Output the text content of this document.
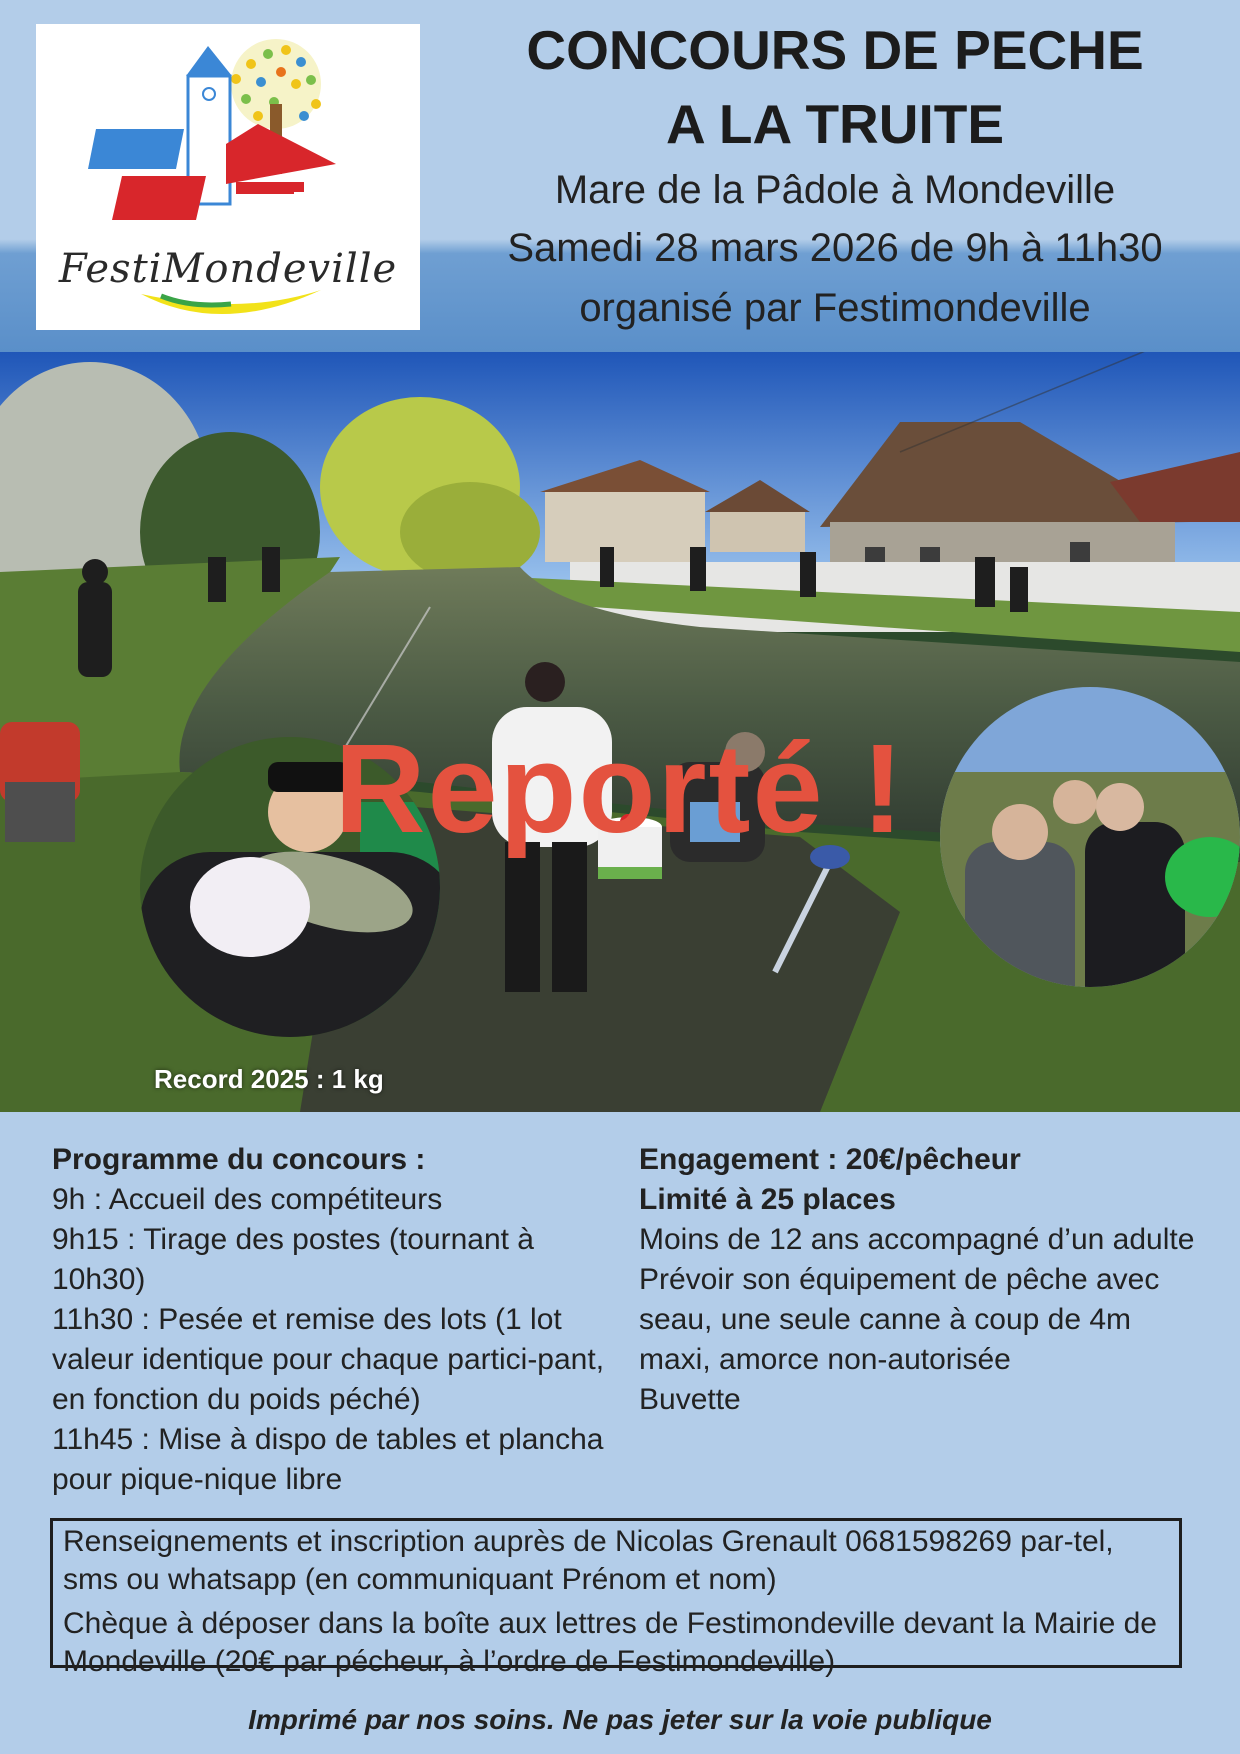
FestiMondeville
CONCOURS DE PECHE
A LA TRUITE
Mare de la Pâdole à Mondeville
Samedi 28 mars 2026 de 9h à 11h30
organisé par Festimondeville
Reporté !
Record 2025 : 1 kg
Programme du concours :
9h : Accueil des compétiteurs
9h15 : Tirage des postes (tournant à 10h30)
11h30 : Pesée et remise des lots (1 lot valeur identique pour chaque partici-pant, en fonction du poids péché)
11h45 : Mise à dispo de tables et plancha pour pique-nique libre
Engagement : 20€/pêcheur
Limité à 25 places
Moins de 12 ans accompagné d’un adulte
Prévoir son équipement de pêche avec seau, une seule canne à coup de 4m maxi, amorce non-autorisée
Buvette

Renseignements et inscription auprès de Nicolas Grenault 0681598269 par-tel, sms ou whatsapp (en communiquant Prénom et nom)

Chèque à déposer dans la boîte aux lettres de Festimondeville devant la Mairie de Mondeville (20€ par pécheur, à l’ordre de Festimondeville)

Imprimé par nos soins. Ne pas jeter sur la voie publique
